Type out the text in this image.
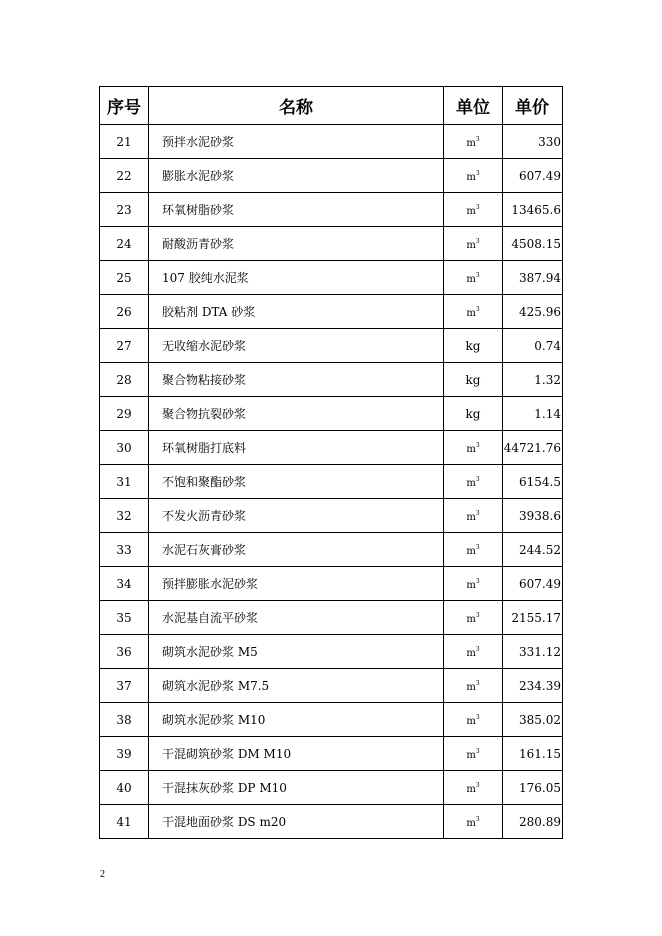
序号	名称	单位	单价
21	预拌水泥砂浆	$m^3$	330
22	膨胀水泥砂浆	$m^3$	607.49
23	环氧树脂砂浆	$m^3$	13465.6
24	耐酸沥青砂浆	$m^3$	4508.15
25	107 胶纯水泥浆	$m^3$	387.94
26	胶粘剂 DTA 砂浆	$m^3$	425.96
27	无收缩水泥砂浆	kg	0.74
28	聚合物粘接砂浆	kg	1.32
29	聚合物抗裂砂浆	kg	1.14
30	环氧树脂打底料	$m^3$	44721.76
31	不饱和聚酯砂浆	$m^3$	6154.5
32	不发火沥青砂浆	$m^3$	3938.6
33	水泥石灰膏砂浆	$m^3$	244.52
34	预拌膨胀水泥砂浆	$m^3$	607.49
35	水泥基自流平砂浆	$m^3$	2155.17
36	砌筑水泥砂浆 M5	$m^3$	331.12
37	砌筑水泥砂浆 M7.5	$m^3$	234.39
38	砌筑水泥砂浆 M10	$m^3$	385.02
39	干混砌筑砂浆 DM M10	$m^3$	161.15
40	干混抹灰砂浆 DP M10	$m^3$	176.05
41	干混地面砂浆 DS m20	$m^3$	280.89
2
